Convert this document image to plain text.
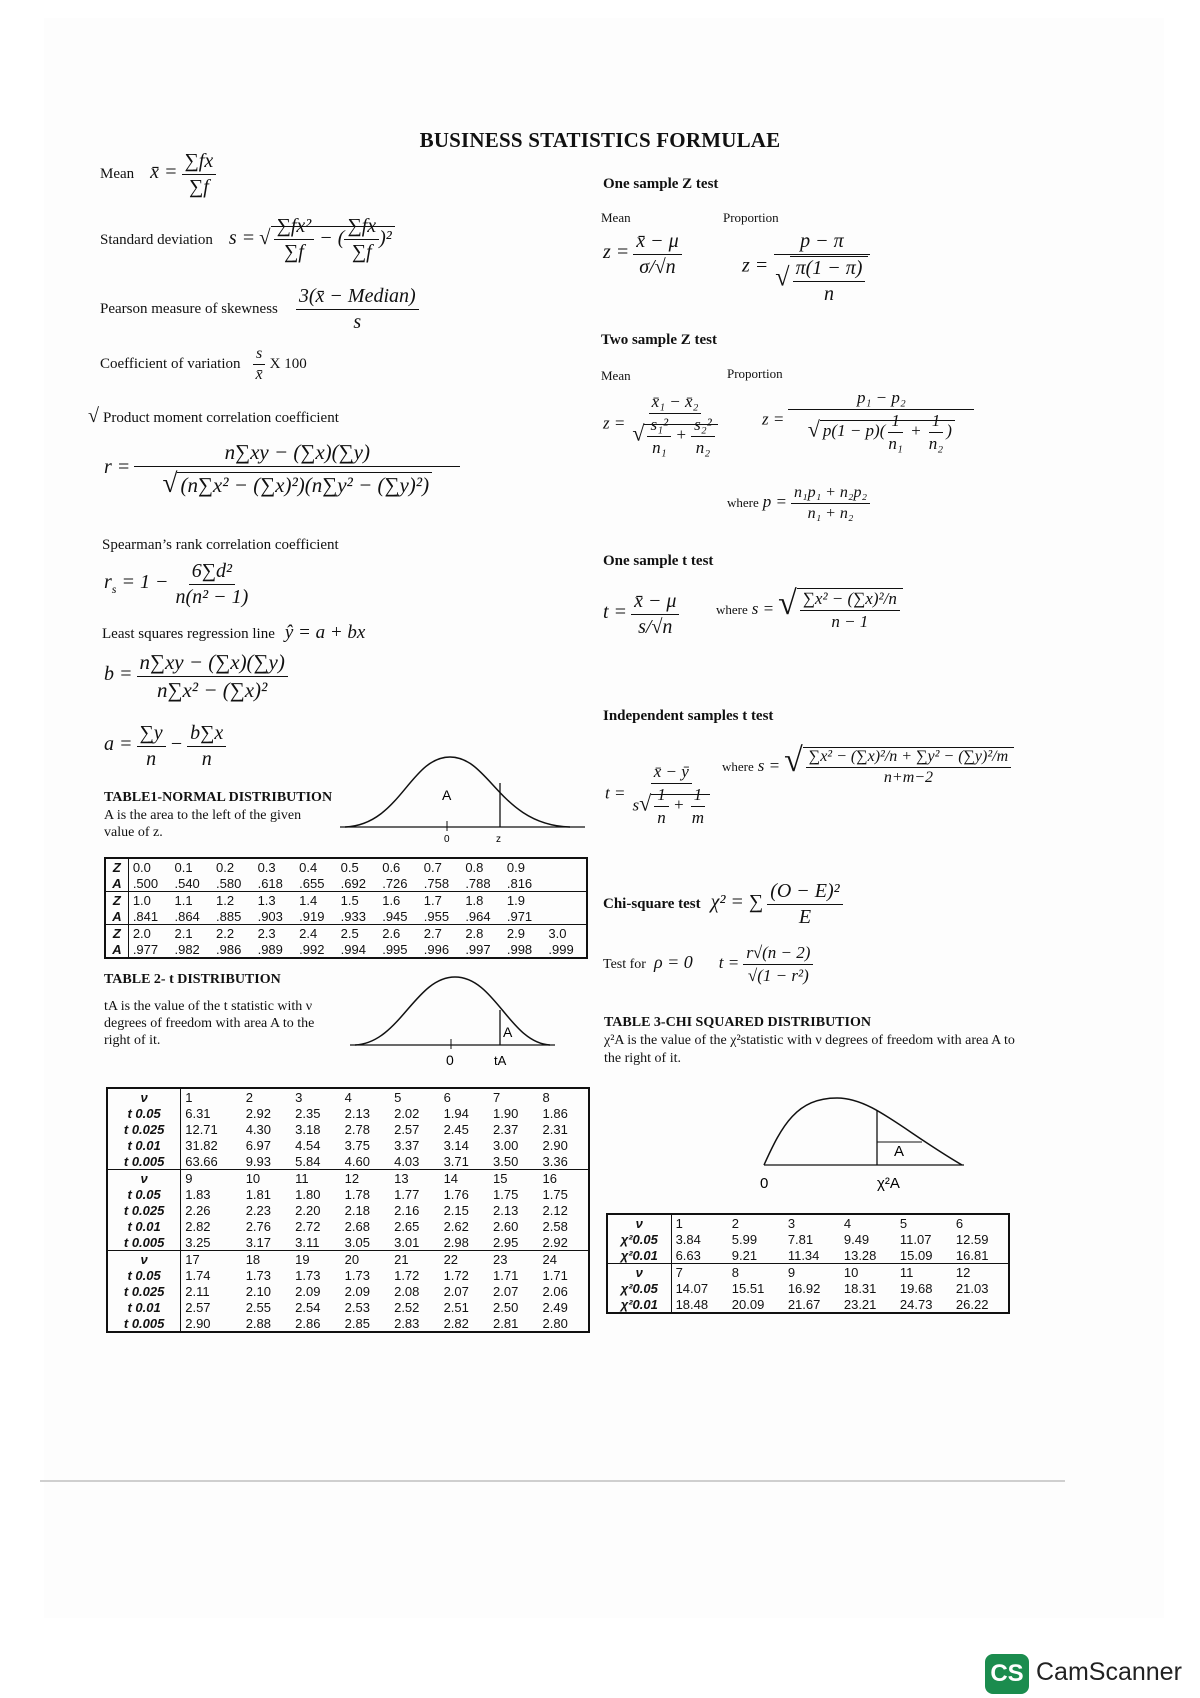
BUSINESS STATISTICS FORMULAE
Mean x̄ = $\frac{\sum fx}{\sum f}$
Standard deviation s = √ $\frac{\text{∑fx²}}{\sum f}$ − ( $\frac{\sum fx}{\sum f} )^2$
Pearson measure of skewness $\frac{\text{3(x̄ − Median)}}{s}$
Coefficient of variation $\frac{s}{x̄}$ X 100
√ Product moment correlation coefficient
$r = \frac{n\sum xy - (\sum x)(\sum y)}{\text{√ (n∑x² − (∑x)²)(n∑y² − (∑y)²)}}$
Spearman’s rank correlation coefficient
$r_s = 1 - \frac{\text{6∑d²}}{\text{n(n² − 1)}}$
Least squares regression line ŷ = a + bx
$b = \frac{n\sum xy - (\sum x)(\sum y)}{\text{n∑x² − (∑x)²}}$
$a = \frac{\sum y}{n} - \frac{b\sum x}{n}$
TABLE1-NORMAL DISTRIBUTION
A is the area to the left of the given value of z.
A
0	z
Z	0.0	0.1	0.2	0.3	0.4	0.5	0.6	0.7	0.8	0.9	
A	.500	.540	.580	.618	.655	.692	.726	.758	.788	.816	
Z	1.0	1.1	1.2	1.3	1.4	1.5	1.6	1.7	1.8	1.9	
A	.841	.864	.885	.903	.919	.933	.945	.955	.964	.971	
Z	2.0	2.1	2.2	2.3	2.4	2.5	2.6	2.7	2.8	2.9	3.0
A	.977	.982	.986	.989	.992	.994	.995	.996	.997	.998	.999
TABLE 2- t DISTRIBUTION
tA is the value of the t statistic with ν degrees of freedom with area A to the right of it.
A
0	tA
ν	1	2	3	4	5	6	7	8
t 0.05	6.31	2.92	2.35	2.13	2.02	1.94	1.90	1.86
t 0.025	12.71	4.30	3.18	2.78	2.57	2.45	2.37	2.31
t 0.01	31.82	6.97	4.54	3.75	3.37	3.14	3.00	2.90
t 0.005	63.66	9.93	5.84	4.60	4.03	3.71	3.50	3.36
ν	9	10	11	12	13	14	15	16
t 0.05	1.83	1.81	1.80	1.78	1.77	1.76	1.75	1.75
t 0.025	2.26	2.23	2.20	2.18	2.16	2.15	2.13	2.12
t 0.01	2.82	2.76	2.72	2.68	2.65	2.62	2.60	2.58
t 0.005	3.25	3.17	3.11	3.05	3.01	2.98	2.95	2.92
ν	17	18	19	20	21	22	23	24
t 0.05	1.74	1.73	1.73	1.73	1.72	1.72	1.71	1.71
t 0.025	2.11	2.10	2.09	2.09	2.08	2.07	2.07	2.06
t 0.01	2.57	2.55	2.54	2.53	2.52	2.51	2.50	2.49
t 0.005	2.90	2.88	2.86	2.85	2.83	2.82	2.81	2.80
One sample Z test
Mean	Proportion
$z = \frac{x̄ - \mu}{\sigma/√n}$	$z = \frac{p - \pi}{√ \frac{\pi(1 - \pi)}{n}}$
Two sample Z test
Mean	Proportion
$z = \frac{\text{x̄₁ − x̄₂}}{√ \frac{\text{s₁²}}{\text{n₁}} + \frac{\text{s₂²}}{\text{n₂}}}$ $z = \frac{\text{p₁ − p₂}}{√ p(1 - p)( \frac{1}{\text{n₁}} + \frac{1}{\text{n₂}} )}$
where $p = \frac{\text{n₁p₁ + n₂p₂}}{\text{n₁ + n₂}}$
One sample t test
$t = \frac{x̄ - \mu}{s/√n}$	where s = √ $\frac{\text{∑x² − (∑x)²/n}}{n - 1}$
Independent samples t test
$t = \frac{x̄ - ȳ}{s√ \frac{1}{n} + \frac{1}{m}}$ where s = √ $\frac{\text{∑x² − (∑x)²/n + ∑y² − (∑y)²/m}}{n+m-2}$
Chi-square test χ² = ∑ $\frac{\text{(O − E)²}}{E}$
Test for ρ = 0 $t = \frac{r√(n - 2)}{\text{√(1 − r²)}}$
TABLE 3-CHI SQUARED DISTRIBUTION
χ²A is the value of the χ²statistic with ν degrees of freedom with area A to the right of it.
A
0	χ²A
ν	1	2	3	4	5	6
χ²0.05	3.84	5.99	7.81	9.49	11.07	12.59
χ²0.01	6.63	9.21	11.34	13.28	15.09	16.81
ν	7	8	9	10	11	12
χ²0.05	14.07	15.51	16.92	18.31	19.68	21.03
χ²0.01	18.48	20.09	21.67	23.21	24.73	26.22
CS CamScanner
